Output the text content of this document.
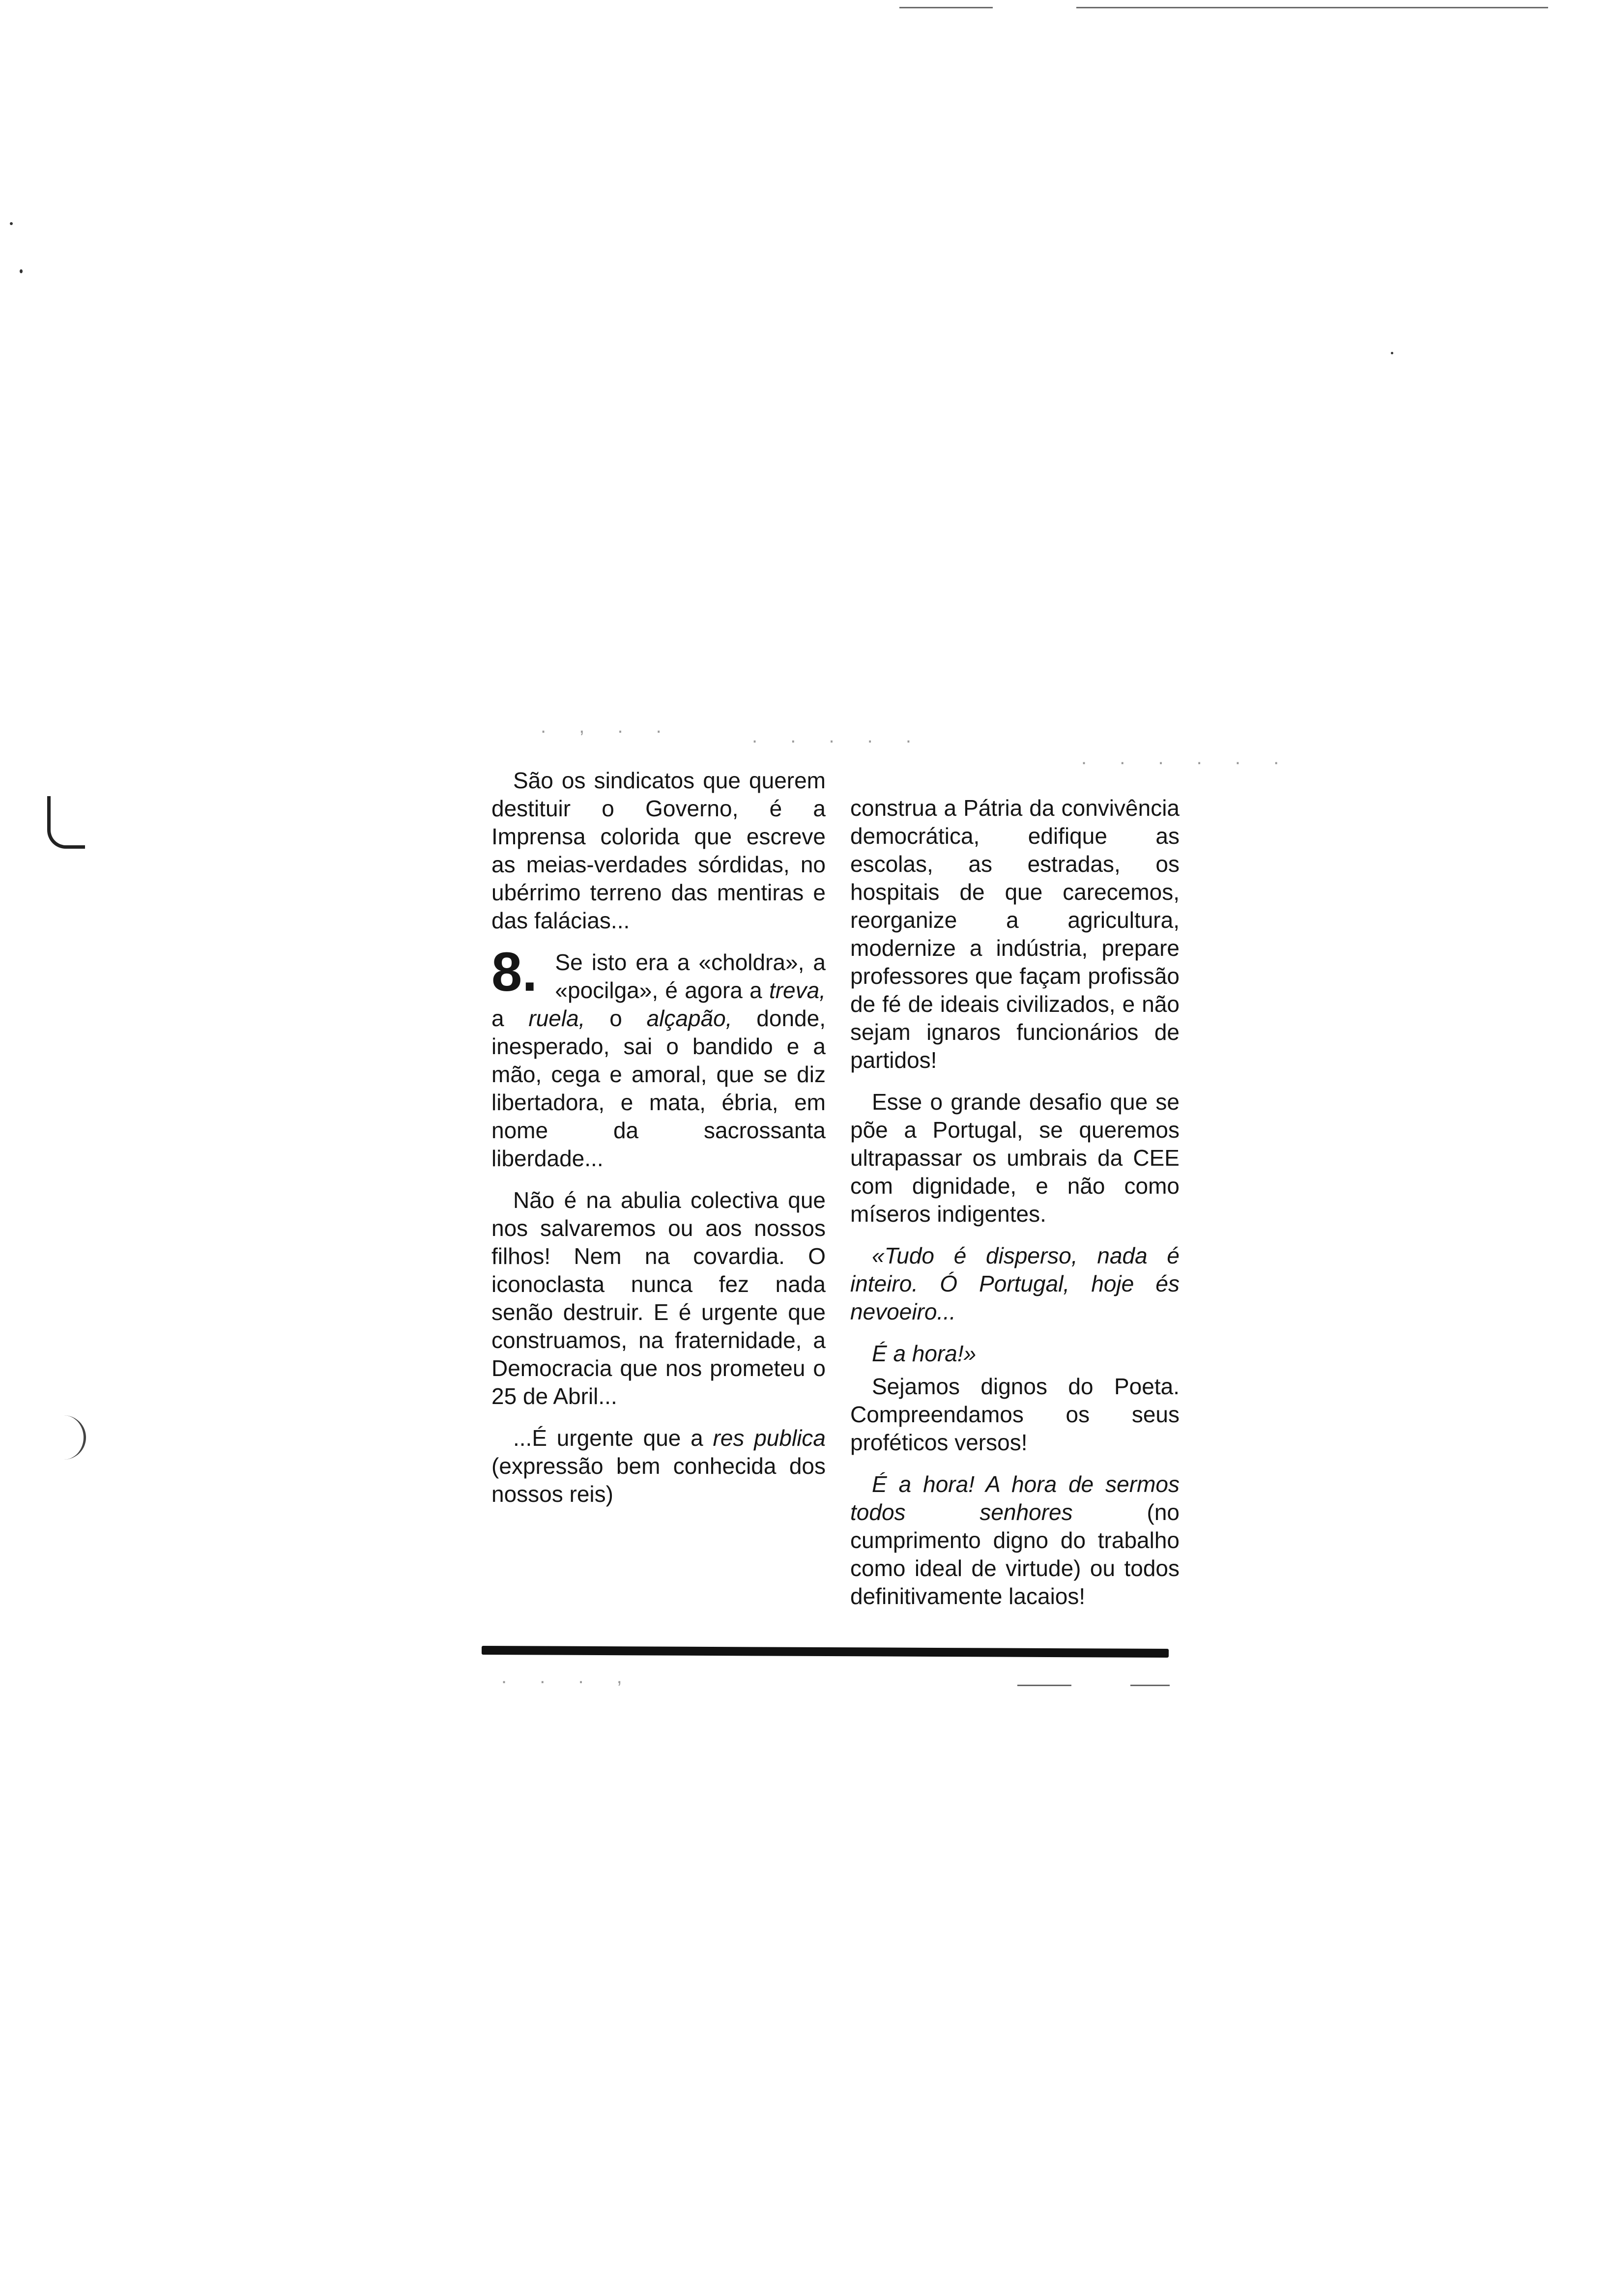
. , . .	. . . . .
. . . . . .

São os sindicatos que querem destituir o Governo, é a Imprensa colorida que escreve as meias-verdades sórdidas, no ubérrimo terreno das mentiras e das falácias...

8. Se isto era a «choldra», a «pocilga», é agora a treva, a ruela, o alçapão, donde, inesperado, sai o bandido e a mão, cega e amoral, que se diz libertadora, e mata, ébria, em nome da sacrossanta liberdade...

Não é na abulia colectiva que nos salvaremos ou aos nossos filhos! Nem na covardia. O iconoclasta nunca fez nada senão destruir. E é urgente que construamos, na fraternidade, a Democracia que nos prometeu o 25 de Abril...

...É urgente que a res publica (expressão bem conhecida dos nossos reis)

construa a Pátria da convivência democrática, edifique as escolas, as estradas, os hospitais de que carecemos, reorganize a agricultura, modernize a indústria, prepare professores que façam profissão de fé de ideais civilizados, e não sejam ignaros funcionários de partidos!

Esse o grande desafio que se põe a Portugal, se queremos ultrapassar os umbrais da CEE com dignidade, e não como míseros indigentes.

«Tudo é disperso, nada é inteiro. Ó Portugal, hoje és nevoeiro...

É a hora!»

Sejamos dignos do Poeta. Compreendamos os seus proféticos versos!

É a hora! A hora de sermos todos senhores (no cumprimento digno do trabalho como ideal de virtude) ou todos definitivamente lacaios!

. . . ,
